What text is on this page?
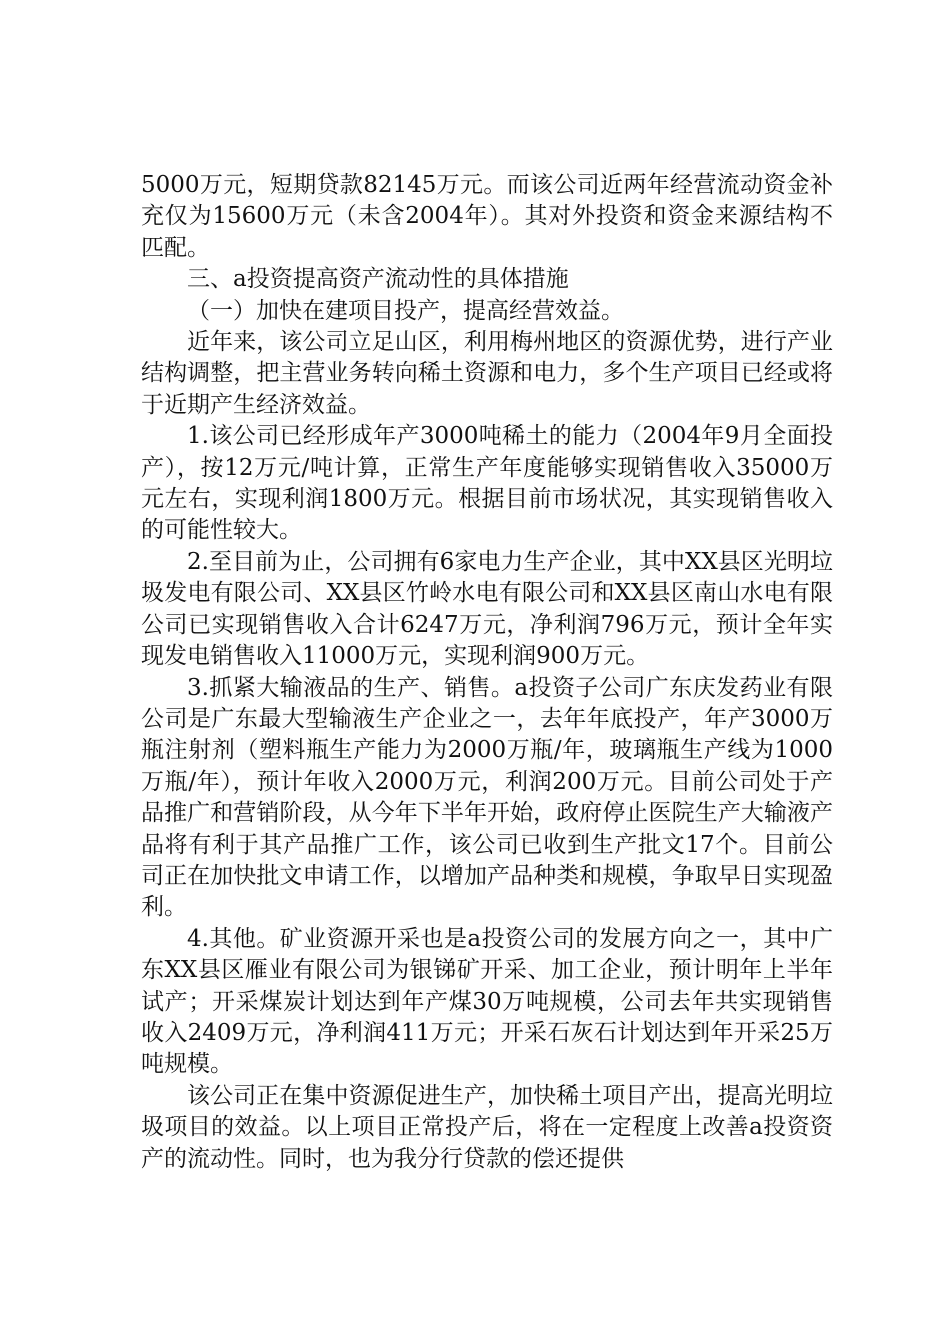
5000万元，短期贷款82145万元。而该公司近两年经营流动资金补充仅为15600万元（未含2004年）。其对外投资和资金来源结构不匹配。

三、a投资提高资产流动性的具体措施

（一）加快在建项目投产，提高经营效益。

近年来，该公司立足山区，利用梅州地区的资源优势，进行产业结构调整，把主营业务转向稀土资源和电力，多个生产项目已经或将于近期产生经济效益。

1.该公司已经形成年产3000吨稀土的能力（2004年9月全面投产），按12万元/吨计算，正常生产年度能够实现销售收入35000万元左右，实现利润1800万元。根据目前市场状况，其实现销售收入的可能性较大。

2.至目前为止，公司拥有6家电力生产企业，其中XX县区光明垃圾发电有限公司、XX县区竹岭水电有限公司和XX县区南山水电有限公司已实现销售收入合计6247万元，净利润796万元，预计全年实现发电销售收入11000万元，实现利润900万元。

3.抓紧大输液品的生产、销售。a投资子公司广东庆发药业有限公司是广东最大型输液生产企业之一，去年年底投产，年产3000万瓶注射剂（塑料瓶生产能力为2000万瓶/年，玻璃瓶生产线为1000万瓶/年），预计年收入2000万元，利润200万元。目前公司处于产品推广和营销阶段，从今年下半年开始，政府停止医院生产大输液产品将有利于其产品推广工作，该公司已收到生产批文17个。目前公司正在加快批文申请工作，以增加产品种类和规模，争取早日实现盈利。

4.其他。矿业资源开采也是a投资公司的发展方向之一，其中广东XX县区雁业有限公司为银锑矿开采、加工企业，预计明年上半年试产；开采煤炭计划达到年产煤30万吨规模，公司去年共实现销售收入2409万元，净利润411万元；开采石灰石计划达到年开采25万吨规模。

该公司正在集中资源促进生产，加快稀土项目产出，提高光明垃圾项目的效益。以上项目正常投产后，将在一定程度上改善a投资资产的流动性。同时，也为我分行贷款的偿还提供
